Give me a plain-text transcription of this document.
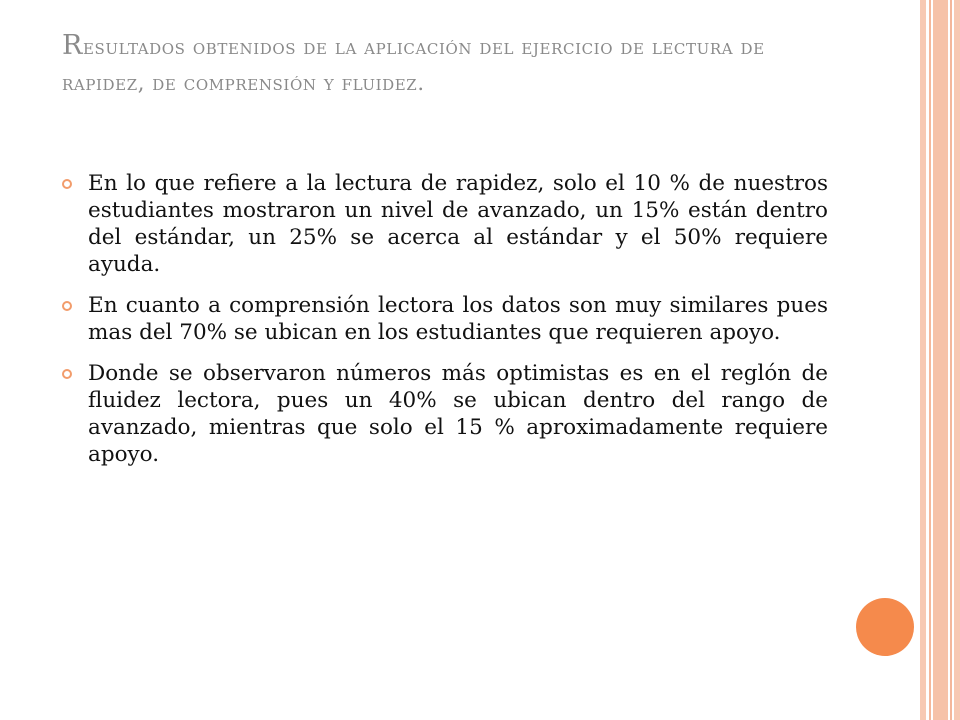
Resultados obtenidos de la aplicación del ejercicio de lectura de rapidez, de comprensión y fluidez.
En lo que refiere a la lectura de rapidez, solo el 10 % de nuestros estudiantes mostraron un nivel de avanzado, un 15% están dentro del estándar, un 25% se acerca al estándar y el 50% requiere ayuda.
En cuanto a comprensión lectora los datos son muy similares pues mas del 70% se ubican en los estudiantes que requieren apoyo.
Donde se observaron números más optimistas es en el reglón de fluidez lectora, pues un 40% se ubican dentro del rango de avanzado, mientras que solo el 15 % aproximadamente requiere apoyo.
